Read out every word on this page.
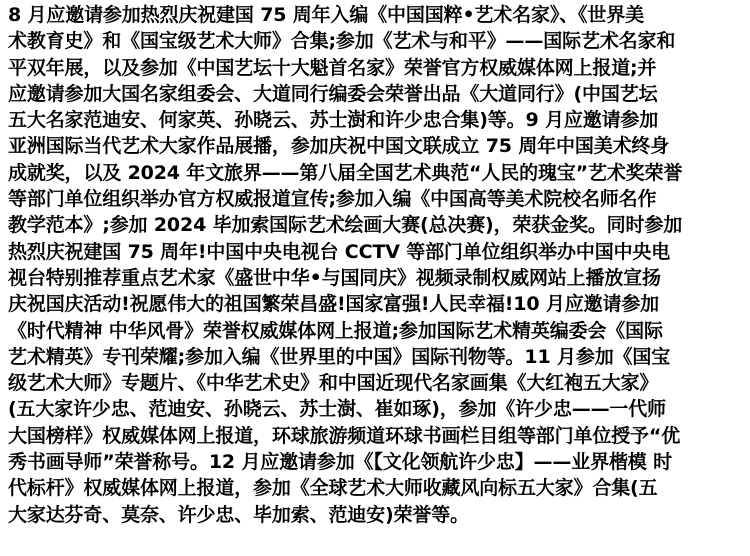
8 月应邀请参加热烈庆祝建国 75 周年入编《中国国粹•艺术名家》、《世界美
术教育史》和《国宝级艺术大师》合集;参加《艺术与和平》——国际艺术名家和
平双年展，以及参加《中国艺坛十大魁首名家》荣誉官方权威媒体网上报道;并
应邀请参加大国名家组委会、大道同行编委会荣誉出品《大道同行》(中国艺坛
五大名家范迪安、何家英、孙晓云、苏士澍和许少忠合集)等。9 月应邀请参加
亚洲国际当代艺术大家作品展播，参加庆祝中国文联成立 75 周年中国美术终身
成就奖，以及 2024 年文旅界——第八届全国艺术典范“人民的瑰宝”艺术奖荣誉
等部门单位组织举办官方权威报道宣传;参加入编《中国高等美术院校名师名作
教学范本》;参加 2024 毕加索国际艺术绘画大赛(总决赛)，荣获金奖。同时参加
热烈庆祝建国 75 周年!中国中央电视台 CCTV 等部门单位组织举办中国中央电
视台特别推荐重点艺术家《盛世中华•与国同庆》视频录制权威网站上播放宣扬
庆祝国庆活动!祝愿伟大的祖国繁荣昌盛!国家富强!人民幸福!10 月应邀请参加
《时代精神 中华风骨》荣誉权威媒体网上报道;参加国际艺术精英编委会《国际
艺术精英》专刊荣耀;参加入编《世界里的中国》国际刊物等。11 月参加《国宝
级艺术大师》专题片、《中华艺术史》和中国近现代名家画集《大红袍五大家》
(五大家许少忠、范迪安、孙晓云、苏士澍、崔如琢)，参加《许少忠——一代师
大国榜样》权威媒体网上报道，环球旅游频道环球书画栏目组等部门单位授予“优
秀书画导师”荣誉称号。12 月应邀请参加《【文化领航许少忠】——业界楷模 时
代标杆》权威媒体网上报道，参加《全球艺术大师收藏风向标五大家》合集(五
大家达芬奇、莫奈、许少忠、毕加索、范迪安)荣誉等。
